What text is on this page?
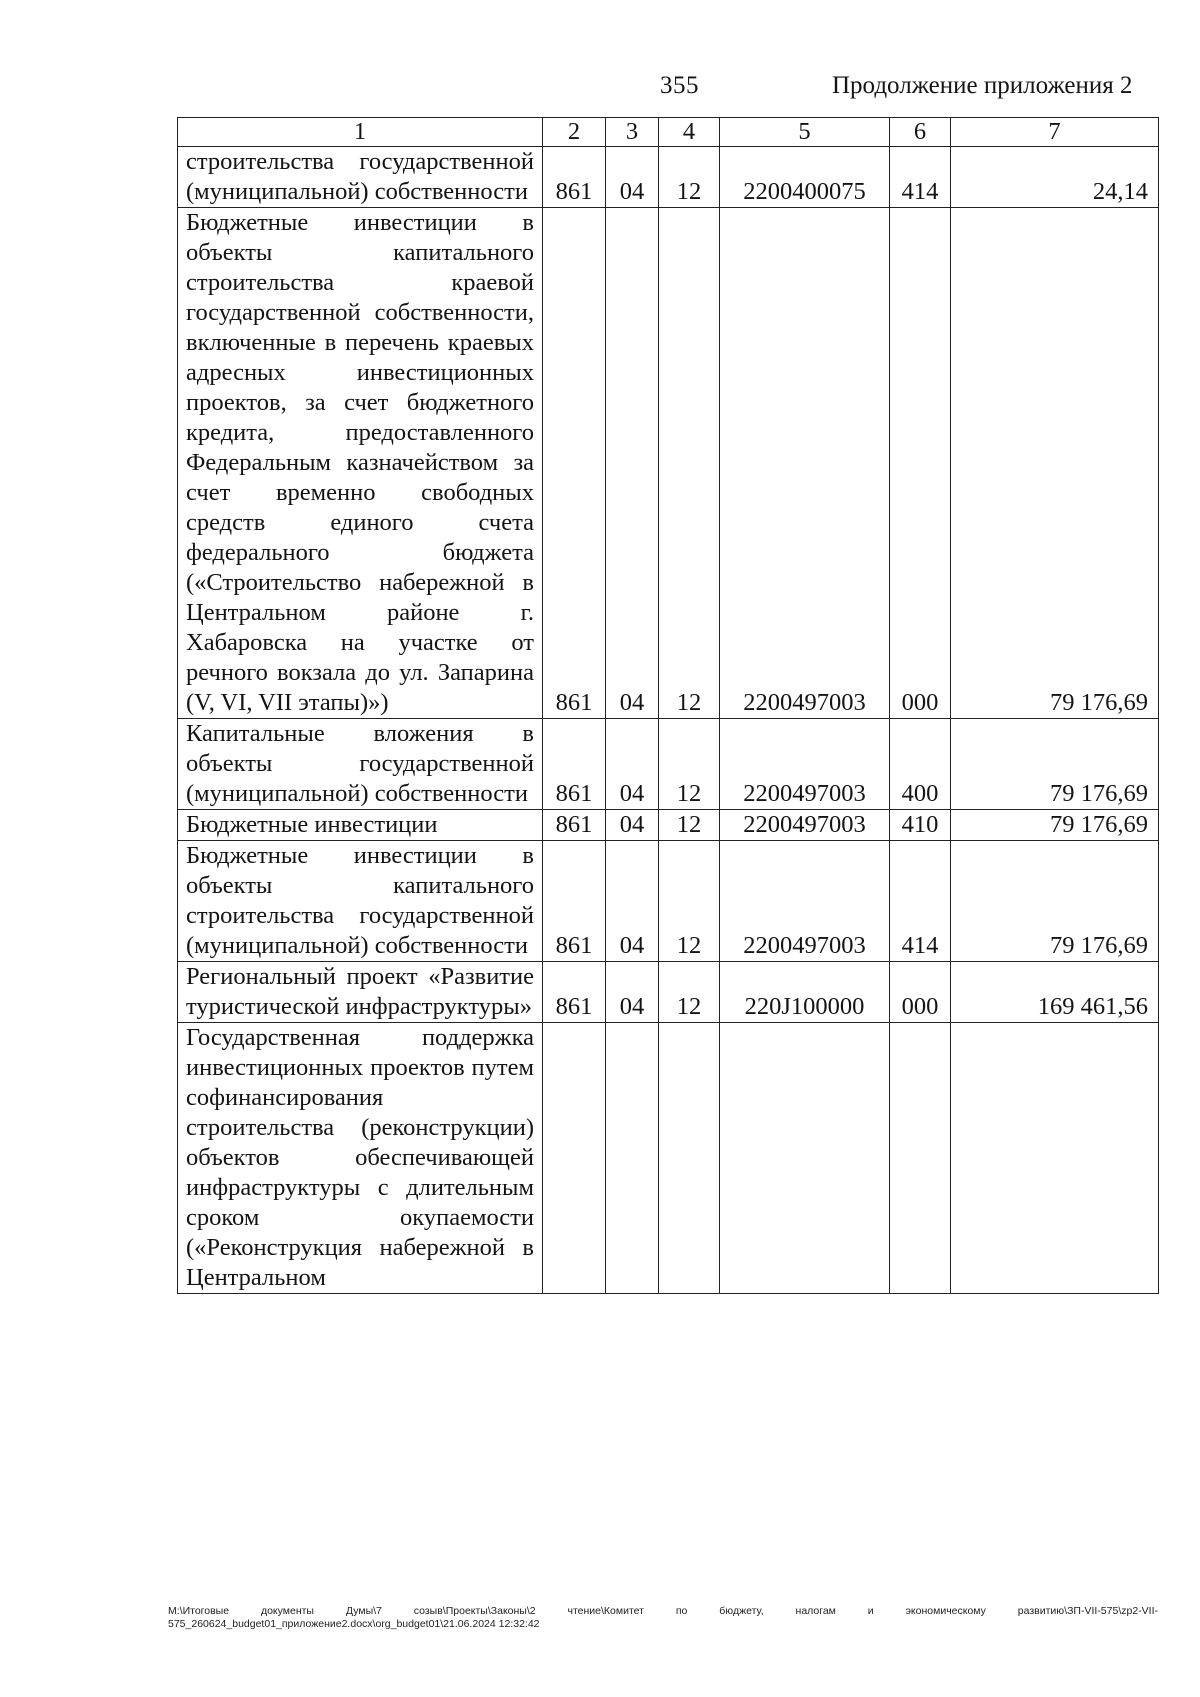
355	Продолжение приложения 2
1	2	3	4	5	6	7
строительства государственной (муниципальной) собственности	861	04	12	2200400075	414	24,14
Бюджетные инвестиции в объекты капитального строительства краевой государственной собственности, включенные в перечень краевых адресных инвестиционных проектов, за счет бюджетного кредита, предоставленного Федеральным казначейством за счет временно свободных средств единого счета федерального бюджета («Строительство набережной в Центральном районе г. Хабаровска на участке от речного вокзала до ул. Запарина (V, VI, VII этапы)»)	861	04	12	2200497003	000	79 176,69
Капитальные вложения в объекты государственной (муниципальной) собственности	861	04	12	2200497003	400	79 176,69
Бюджетные инвестиции	861	04	12	2200497003	410	79 176,69
Бюджетные инвестиции в объекты капитального строительства государственной (муниципальной) собственности	861	04	12	2200497003	414	79 176,69
Региональный проект «Развитие туристической инфраструктуры»	861	04	12	220J100000	000	169 461,56
Государственная поддержка инвестиционных проектов путем софинансирования строительства (реконструкции) объектов обеспечивающей инфраструктуры с длительным сроком окупаемости («Реконструкция набережной в Центральном						
M:\Итоговые документы Думы\7 созыв\Проекты\Законы\2 чтение\Комитет по бюджету, налогам и экономическому развитию\ЗП-VII-575\zp2-VII-575_260624_budget01_приложение2.docx\org_budget01\21.06.2024 12:32:42
